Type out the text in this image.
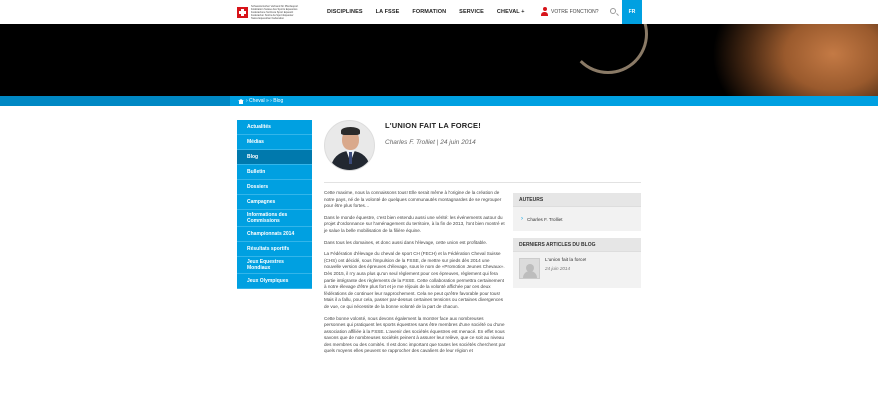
Schweizerischer Verband für Pferdesport
Fédération Suisse des Sports Equestres
Federazione Svizzera Sport Equestri
Federaziun Svizra da Sport Equester
Swiss Equestrian Federation
DISCIPLINES LA FSSE FORMATION SERVICE CHEVAL +	VOTRE FONCTION?	FR
› Cheval » › Blog
Actualités
Médias
Blog
Bulletin
Dossiers
Campagnes
Informations des Commissions
Championnats 2014
Résultats sportifs
Jeux Equestres Mondiaux
Jeux Olympiques
L'UNION FAIT LA FORCE!
Charles F. Trolliet | 24 juin 2014

Cette maxime, nous la connaissons tous! Elle serait même à l'origine de la création de notre pays, né de la volonté de quelques communautés montagnardes de se regrouper pour être plus fortes…

Dans le monde équestre, c'est bien entendu aussi une vérité: les événements autour du projet d'ordonnance sur l'aménagement du territoire, à la fin de 2013, l'ont bien montré et je salue la belle mobilisation de la filière équine.

Dans tous les domaines, et donc aussi dans l'élevage, cette union est profitable.

La Fédération d'élevage du cheval de sport CH (FECH) et la Fédération Cheval Suisse (CHS) ont décidé, sous l'impulsion de la FSSE, de mettre sur pieds dès 2014 une nouvelle version des épreuves d'élevage, sous le nom de «Promotion Jeunes Chevaux». Dès 2015, il n'y aura plus qu'un seul règlement pour ces épreuves, règlement qui fera partie intégrante des règlements de la FSSE. Cette collaboration permettra certainement à notre élevage d'être plus fort et je me réjouis de la volonté affichée par ces deux fédérations de continuer leur rapprochement. Cela ne peut qu'être favorable pour tous! Mais il a fallu, pour cela, passer par-dessus certaines tensions ou certaines divergences de vue, ce qui nécessite de la bonne volonté de la part de chacun.

Cette bonne volonté, nous devons également la montrer face aux nombreuses personnes qui pratiquent les sports équestres sans être membres d'une société ou d'une association affiliée à la FSSE. L'avenir des sociétés équestres est menacé. En effet nous savons que de nombreuses sociétés peinent à assurer leur relève, que ce soit au niveau des membres ou des comités. Il est donc important que toutes les sociétés cherchent par quels moyens elles peuvent se rapprocher des cavaliers de leur région et

AUTEURS
› Charles F. Trolliet
DERNIERS ARTICLES DU BLOG
L'union fait la force!
24 juin 2014
